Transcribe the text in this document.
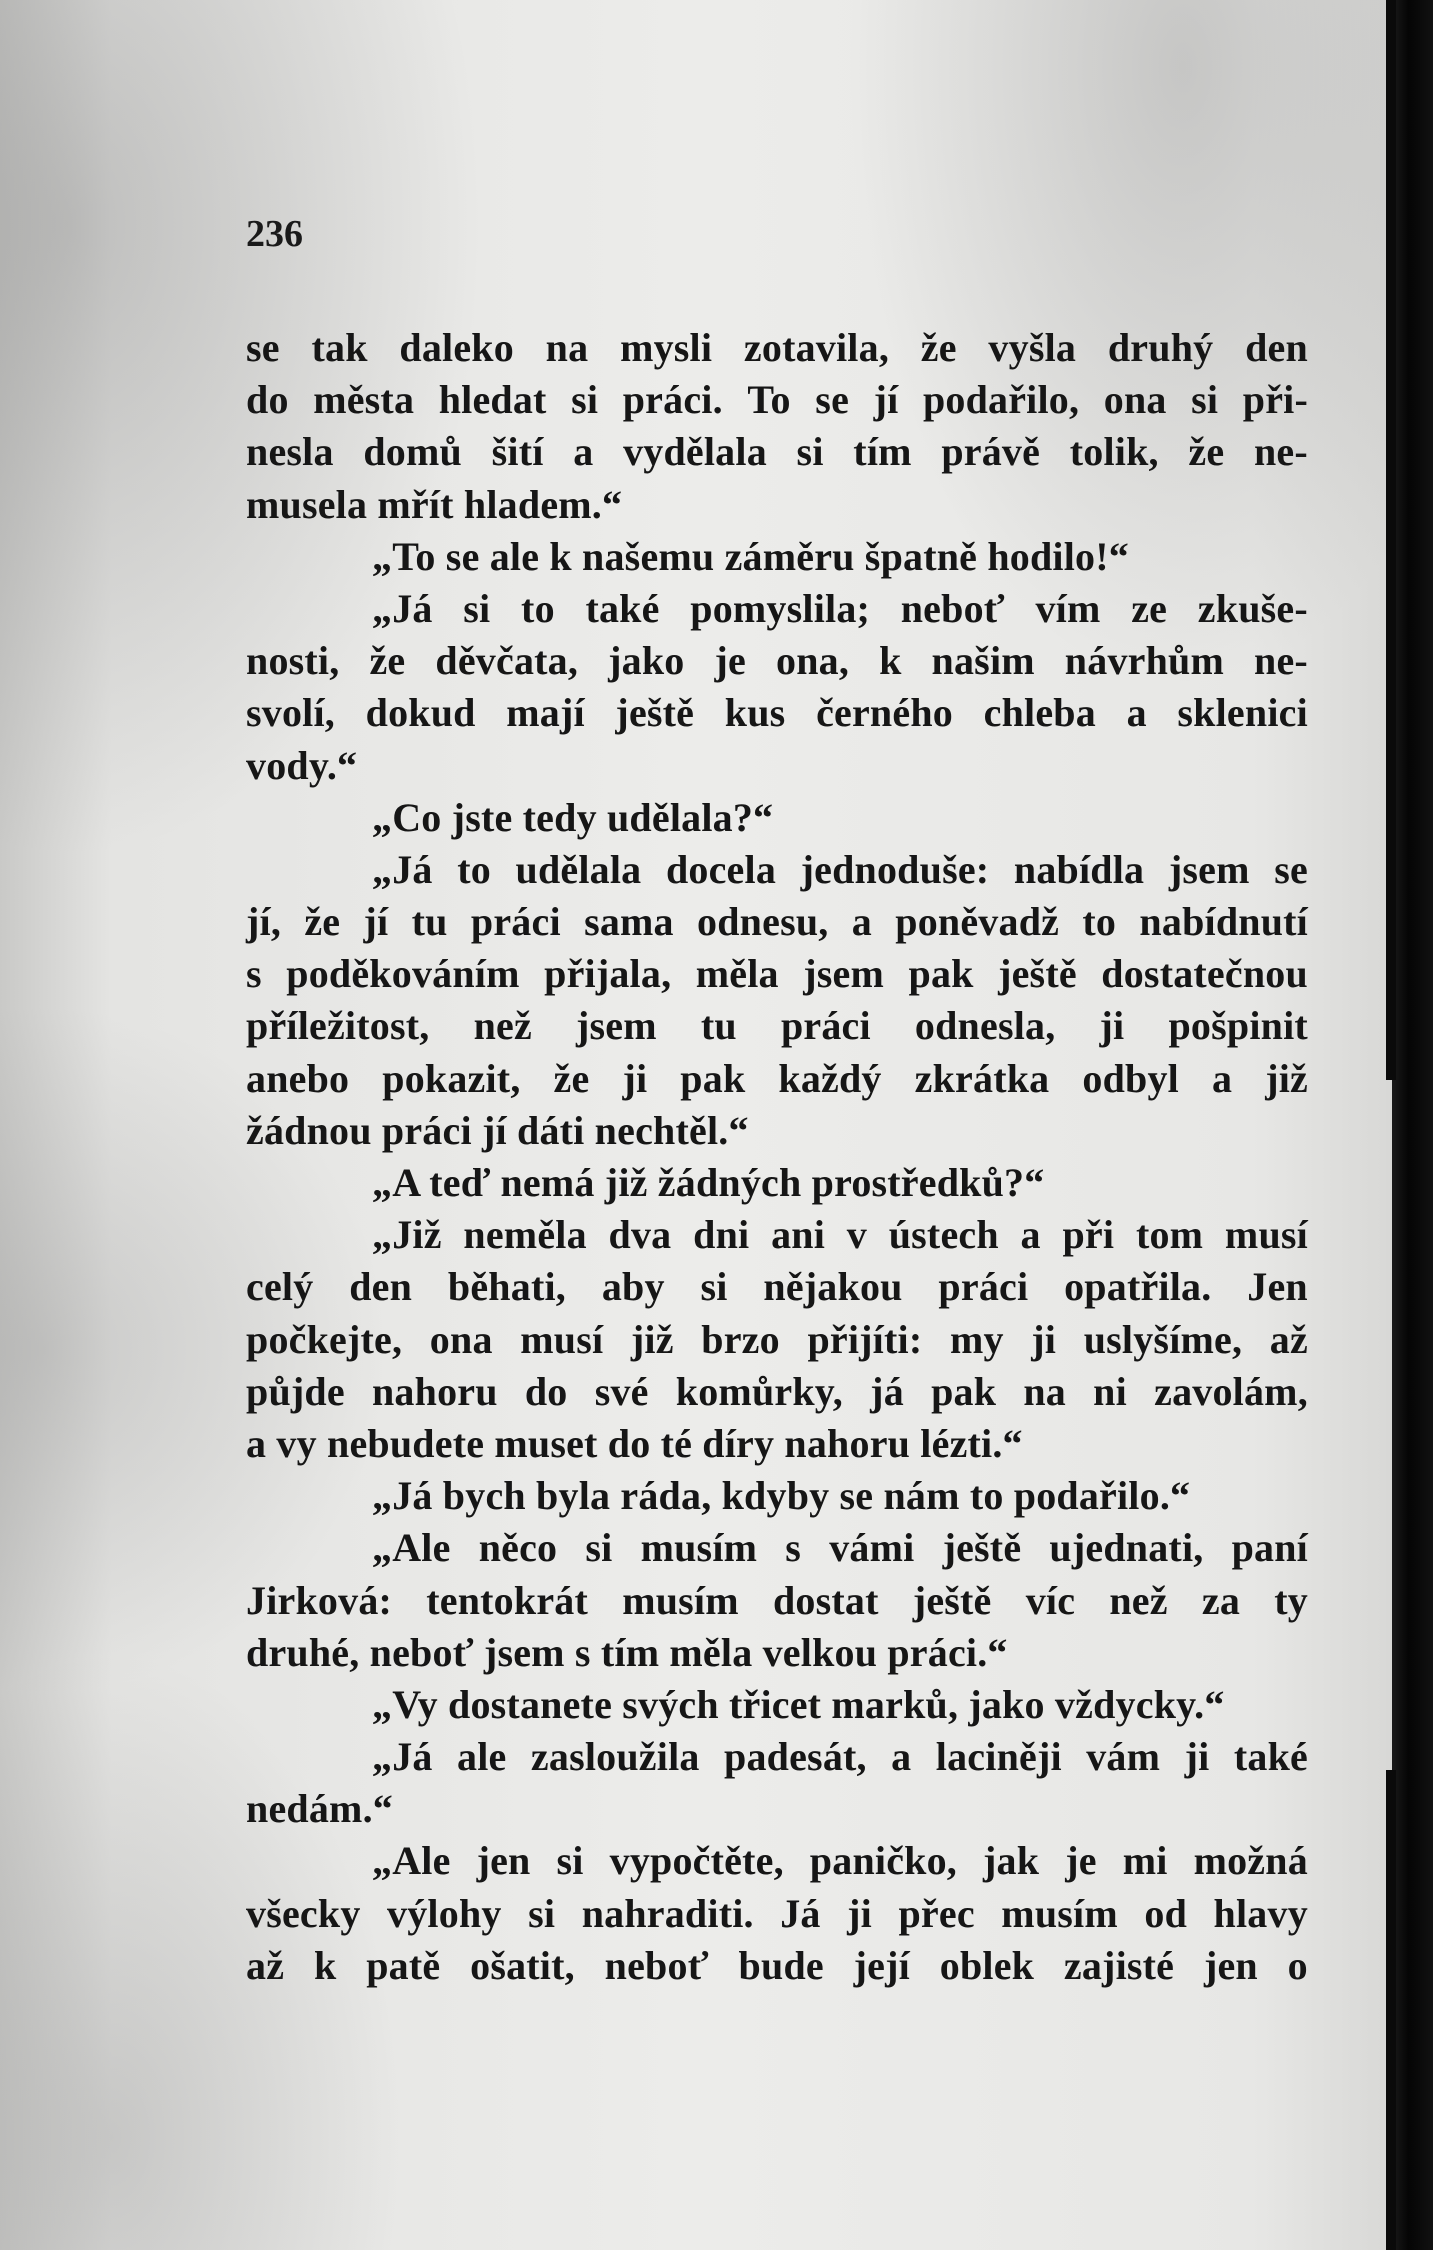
236

se tak daleko na mysli zotavila, že vyšla druhý den
do města hledat si práci. To se jí podařilo, ona si při-
nesla domů šití a vydělala si tím právě tolik, že ne-
musela mřít hladem.“
„To se ale k našemu záměru špatně hodilo!“
„Já si to také pomyslila; neboť vím ze zkuše-
nosti, že děvčata, jako je ona, k našim návrhům ne-
svolí, dokud mají ještě kus černého chleba a sklenici
vody.“
„Co jste tedy udělala?“
„Já to udělala docela jednoduše: nabídla jsem se
jí, že jí tu práci sama odnesu, a poněvadž to nabídnutí
s poděkováním přijala, měla jsem pak ještě dostatečnou
příležitost, než jsem tu práci odnesla, ji pošpinit
anebo pokazit, že ji pak každý zkrátka odbyl a již
žádnou práci jí dáti nechtěl.“
„A teď nemá již žádných prostředků?“
„Již neměla dva dni ani v ústech a při tom musí
celý den běhati, aby si nějakou práci opatřila. Jen
počkejte, ona musí již brzo přijíti: my ji uslyšíme, až
půjde nahoru do své komůrky, já pak na ni zavolám,
a vy nebudete muset do té díry nahoru lézti.“
„Já bych byla ráda, kdyby se nám to podařilo.“
„Ale něco si musím s vámi ještě ujednati, paní
Jirková: tentokrát musím dostat ještě víc než za ty
druhé, neboť jsem s tím měla velkou práci.“
„Vy dostanete svých třicet marků, jako vždycky.“
„Já ale zasloužila padesát, a laciněji vám ji také
nedám.“
„Ale jen si vypočtěte, paničko, jak je mi možná
všecky výlohy si nahraditi. Já ji přec musím od hlavy
až k patě ošatit, neboť bude její oblek zajisté jen o
